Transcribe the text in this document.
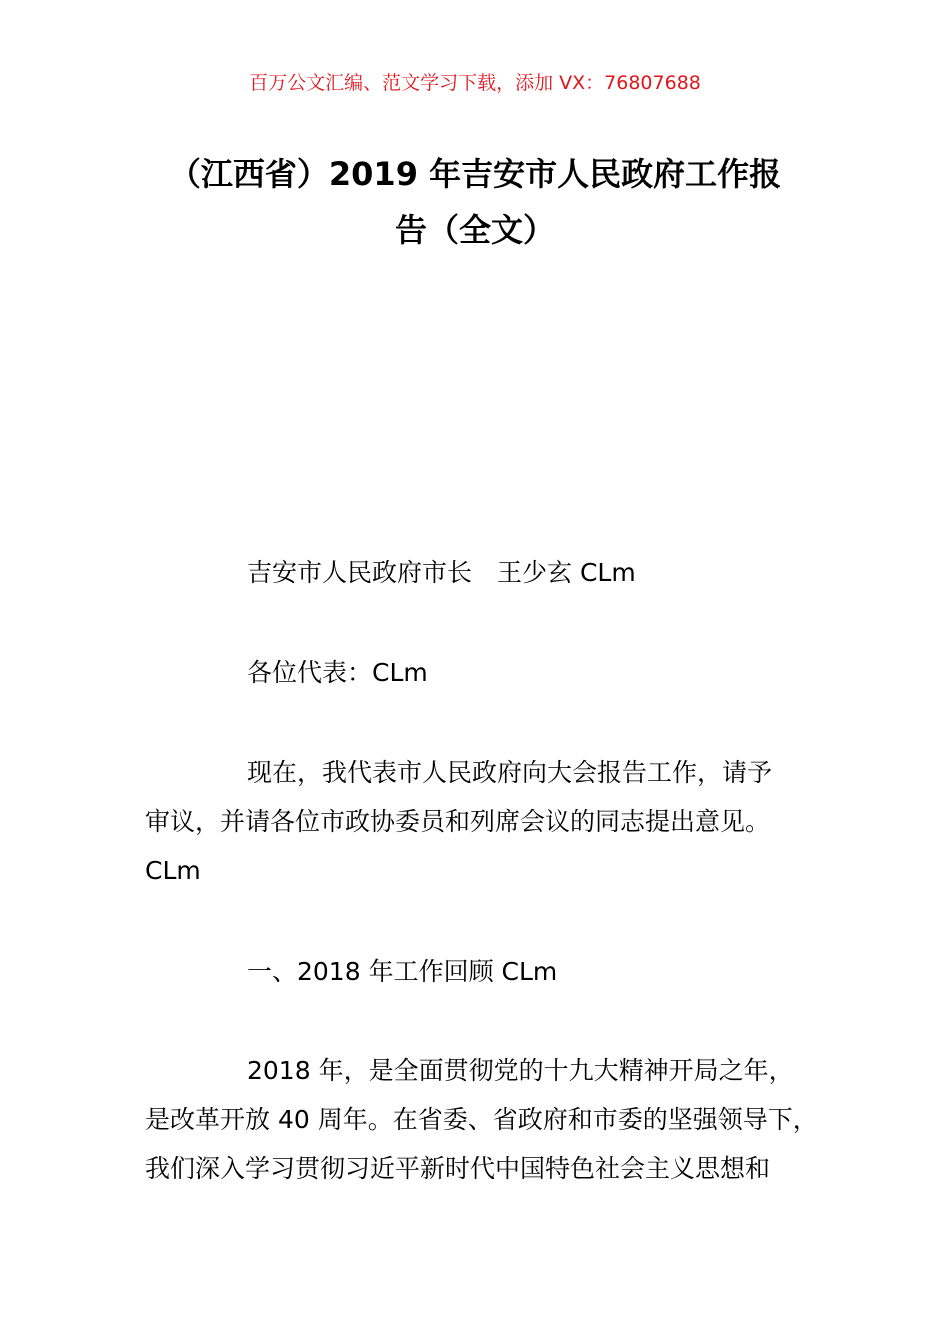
百万公文汇编、范文学习下载，添加 VX：76807688
（江西省）2019 年吉安市人民政府工作报
告（全文）
吉安市人民政府市长　王少玄 CLm
各位代表：CLm
现在，我代表市人民政府向大会报告工作，请予
审议，并请各位市政协委员和列席会议的同志提出意见。
CLm
一、2018 年工作回顾 CLm
2018 年，是全面贯彻党的十九大精神开局之年，
是改革开放 40 周年。在省委、省政府和市委的坚强领导下，
我们深入学习贯彻习近平新时代中国特色社会主义思想和
